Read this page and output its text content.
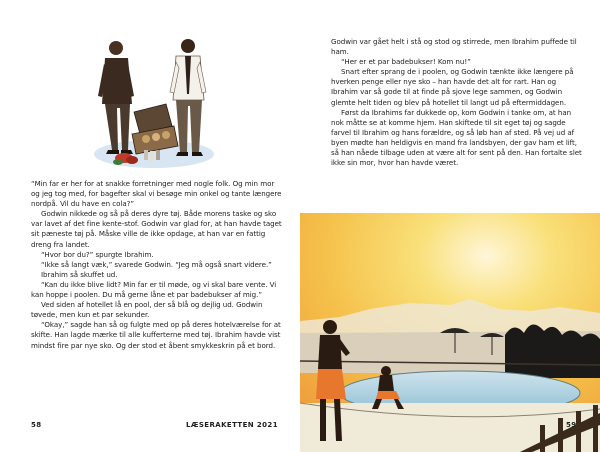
“Min far er her for at snakke forretninger med nogle folk. Og min mor og jeg tog med, for bagefter skal vi besøge min onkel og tante længere nordpå. Vil du have en cola?”

Godwin nikkede og så på deres dyre tøj. Både morens taske og sko var lavet af det fine kente-stof. Godwin var glad for, at han havde taget sit pæneste tøj på. Måske ville de ikke opdage, at han var en fattig dreng fra landet.

“Hvor bor du?” spurgte Ibrahim.

“Ikke så langt væk,” svarede Godwin. “Jeg må også snart videre.”

Ibrahim så skuffet ud.

“Kan du ikke blive lidt? Min far er til møde, og vi skal bare vente. Vi kan hoppe i poolen. Du må gerne låne et par badebukser af mig.”

Ved siden af hotellet lå en pool, der så blå og dejlig ud. Godwin tøvede, men kun et par sekunder.

“Okay,” sagde han så og fulgte med op på deres hotelværelse for at skifte. Han lagde mærke til alle kufferterne med tøj. Ibrahim havde vist mindst fire par nye sko. Og der stod et åbent smykkeskrin på et bord.

58	LÆSERAKETTEN 2021

Godwin var gået helt i stå og stod og stirrede, men Ibrahim puffede til ham.

“Her er et par badebukser! Kom nu!”

Snart efter sprang de i poolen, og Godwin tænkte ikke længere på hverken penge eller nye sko – han havde det alt for rart. Han og Ibrahim var så gode til at finde på sjove lege sammen, og Godwin glemte helt tiden og blev på hotellet til langt ud på eftermiddagen.

Først da Ibrahims far dukkede op, kom Godwin i tanke om, at han nok måtte se at komme hjem. Han skiftede til sit eget tøj og sagde farvel til Ibrahim og hans forældre, og så løb han af sted. På vej ud af byen mødte han heldigvis en mand fra landsbyen, der gav ham et lift, så han nåede tilbage uden at være alt for sent på den. Han fortalte slet ikke sin mor, hvor han havde været.

59
